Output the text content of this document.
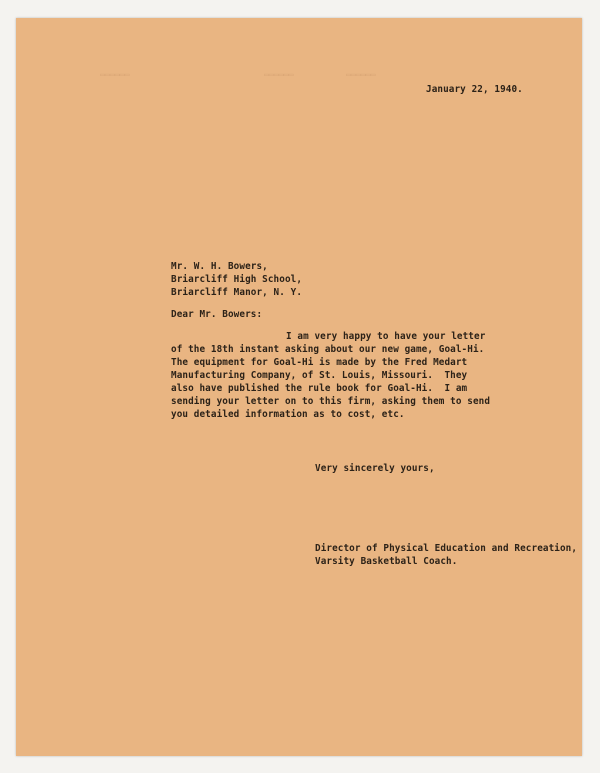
▭▭▭▭▭▭	▭▭▭▭▭▭	▭▭▭▭▭▭
January 22, 1940.
Mr. W. H. Bowers,
Briarcliff High School,
Briarcliff Manor, N. Y.
Dear Mr. Bowers:
I am very happy to have your letter
of the 18th instant asking about our new game, Goal-Hi.
The equipment for Goal-Hi is made by the Fred Medart
Manufacturing Company, of St. Louis, Missouri.  They
also have published the rule book for Goal-Hi.  I am
sending your letter on to this firm, asking them to send
you detailed information as to cost, etc.
Very sincerely yours,
Director of Physical Education and Recreation,
Varsity Basketball Coach.
